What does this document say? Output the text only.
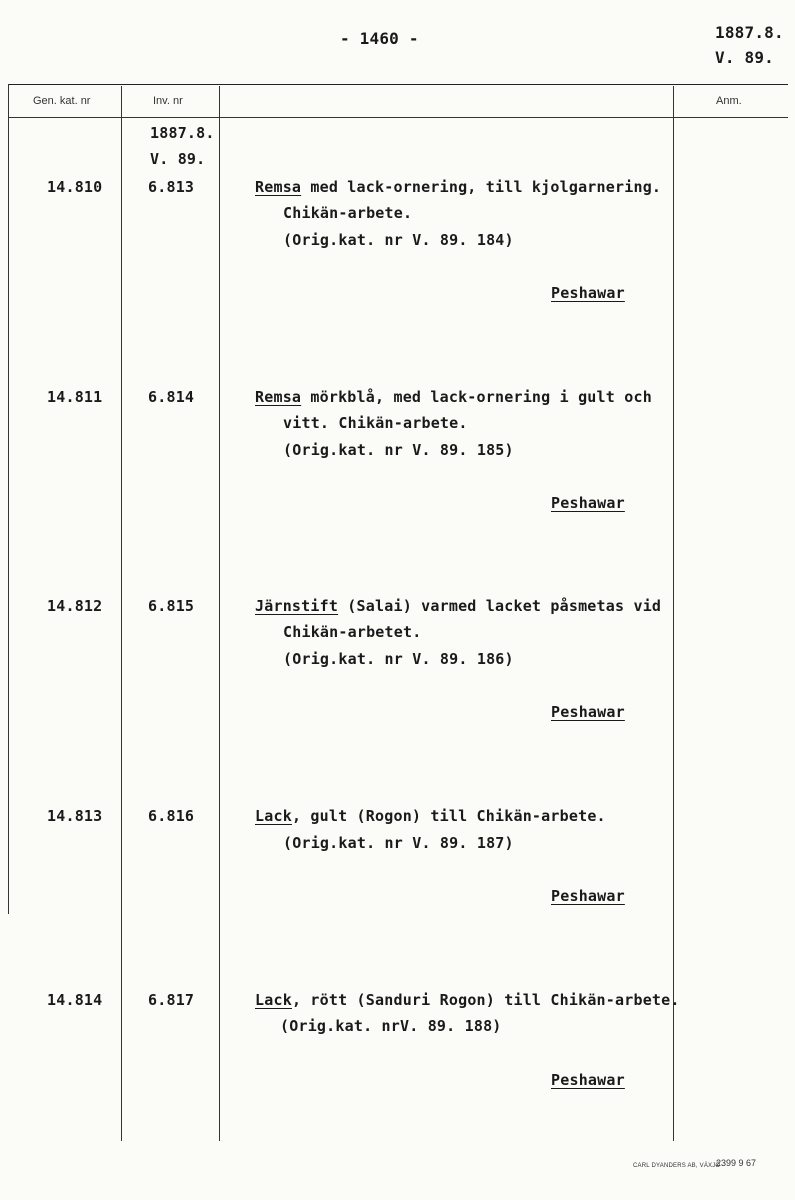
- 1460 -	1887.8.
V. 89.
Gen. kat. nr	Inv. nr	Anm.
1887.8.
V. 89.
14.810	6.813	Remsa med lack-ornering, till kjolgarnering.
Chikän-arbete.
(Orig.kat. nr V. 89. 184)
Peshawar
14.811	6.814	Remsa mörkblå, med lack-ornering i gult och
vitt. Chikän-arbete.
(Orig.kat. nr V. 89. 185)
Peshawar
14.812	6.815	Järnstift (Salai) varmed lacket påsmetas vid
Chikän-arbetet.
(Orig.kat. nr V. 89. 186)
Peshawar
14.813	6.816	Lack, gult (Rogon) till Chikän-arbete.
(Orig.kat. nr V. 89. 187)
Peshawar
14.814	6.817	Lack, rött (Sanduri Rogon) till Chikän-arbete.
(Orig.kat. nrV. 89. 188)
Peshawar
CARL DYANDERS AB, VÄXJÖ
2399 9 67
